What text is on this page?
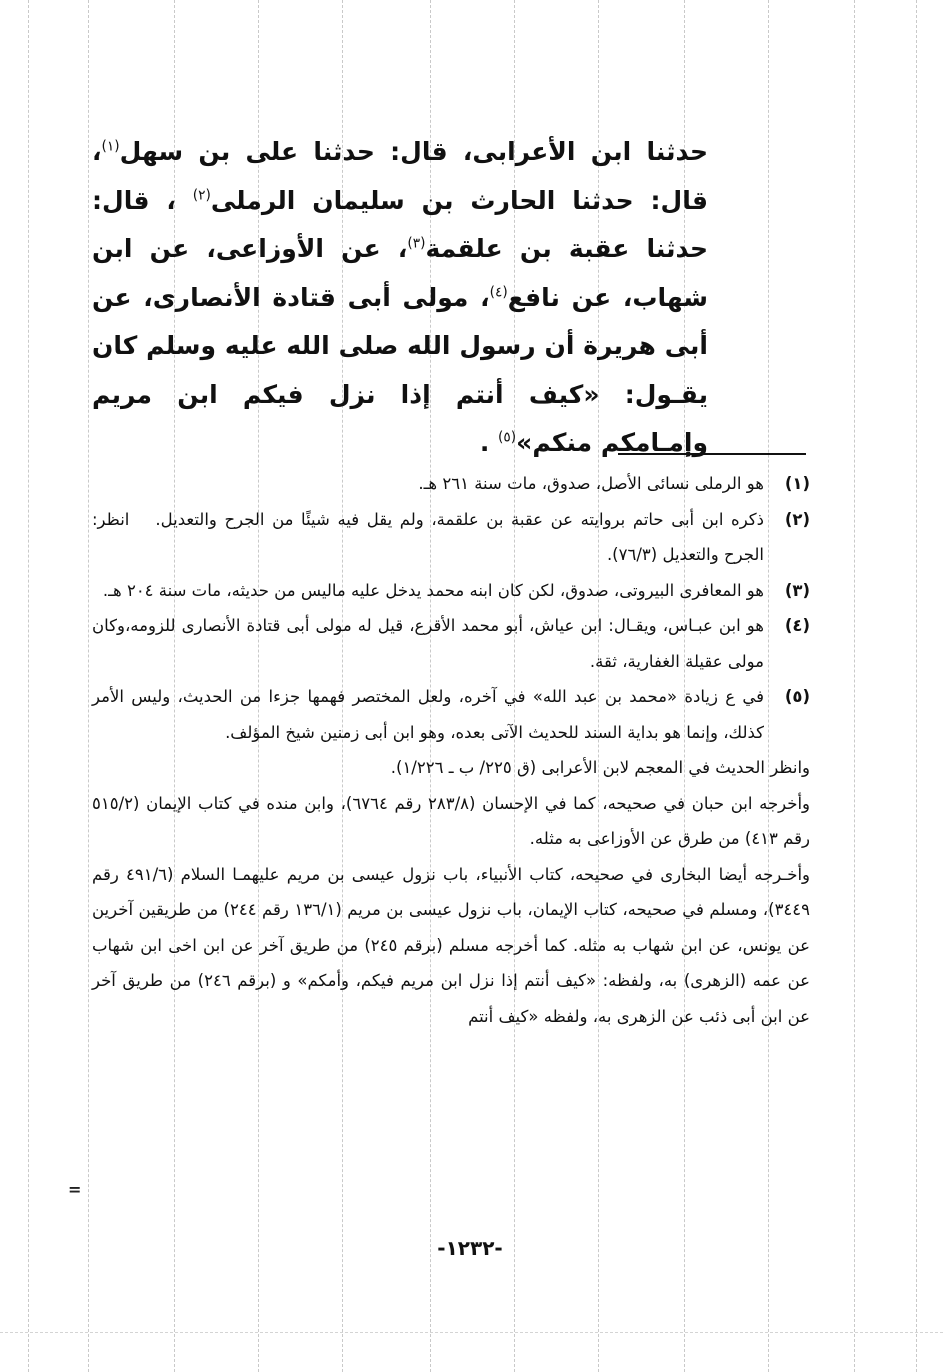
حدثنا ابن الأعرابى، قال: حدثنا على بن سهل$^{(١)}$، قال: حدثنا الحارث بن سليمان الرملى$^{(٢)}$ ، قال: حدثنا عقبة بن علقمة$^{(٣)}$، عن الأوزاعى، عن ابن شهاب، عن نافع$^{(٤)}$، مولى أبى قتادة الأنصارى، عن أبى هريرة أن رسول الله صلى الله عليه وسلم كان يقـول: «كيف أنتم إذا نزل فيكم ابن مريم وإمـامكم منكم»$^{(٥)}$ .

(١)
هو الرملى نسائى الأصل، صدوق، مات سنة ٢٦١ هـ.
(٢)
ذكره ابن أبى حاتم بروايته عن عقبة بن علقمة، ولم يقل فيه شيئًا من الجرح والتعديل.انظر: الجرح والتعديل (٧٦/٣).
(٣)
هو المعافرى البيروتى، صدوق، لكن كان ابنه محمد يدخل عليه ماليس من حديثه، مات سنة ٢٠٤ هـ.
(٤)
هو ابن عبـاس، ويقـال: ابن عياش، أبو محمد الأقرع، قيل له مولى أبى قتادة الأنصارى للزومه،وكان مولى عقيلة الغفارية، ثقة.
(٥)
في ع زيادة «محمد بن عبد الله» في آخره، ولعل المختصر فهمها جزءا من الحديث، وليس الأمر كذلك، وإنما هو بداية السند للحديث الآتى بعده، وهو ابن أبى زمنين شيخ المؤلف.
وانظر الحديث في المعجم لابن الأعرابى (ق ٢٢٥/ ب ـ ١/٢٢٦).
وأخرجه ابن حبان في صحيحه، كما في الإحسان (٢٨٣/٨ رقم ٦٧٦٤)، وابن منده في كتاب الإيمان (٥١٥/٢ رقم ٤١٣) من طرق عن الأوزاعى به مثله.
وأخـرجه أيضا البخارى في صحيحه، كتاب الأنبياء، باب نزول عيسى بن مريم عليهمـا السلام (٤٩١/٦ رقم ٣٤٤٩)، ومسلم في صحيحه، كتاب الإيمان، باب نزول عيسى بن مريم (١٣٦/١ رقم ٢٤٤) من طريقين آخرين عن يونس، عن ابن شهاب به مثله. كما أخرجه مسلم (برقم ٢٤٥) من طريق آخر عن ابن اخى ابن شهاب عن عمه (الزهرى) به، ولفظه: «كيف أنتم إذا نزل ابن مريم فيكم، وأمكم» و (برقم ٢٤٦) من طريق آخر عن ابن أبى ذئب عن الزهرى به، ولفظه «كيف أنتم
=
-١٢٣٢-
